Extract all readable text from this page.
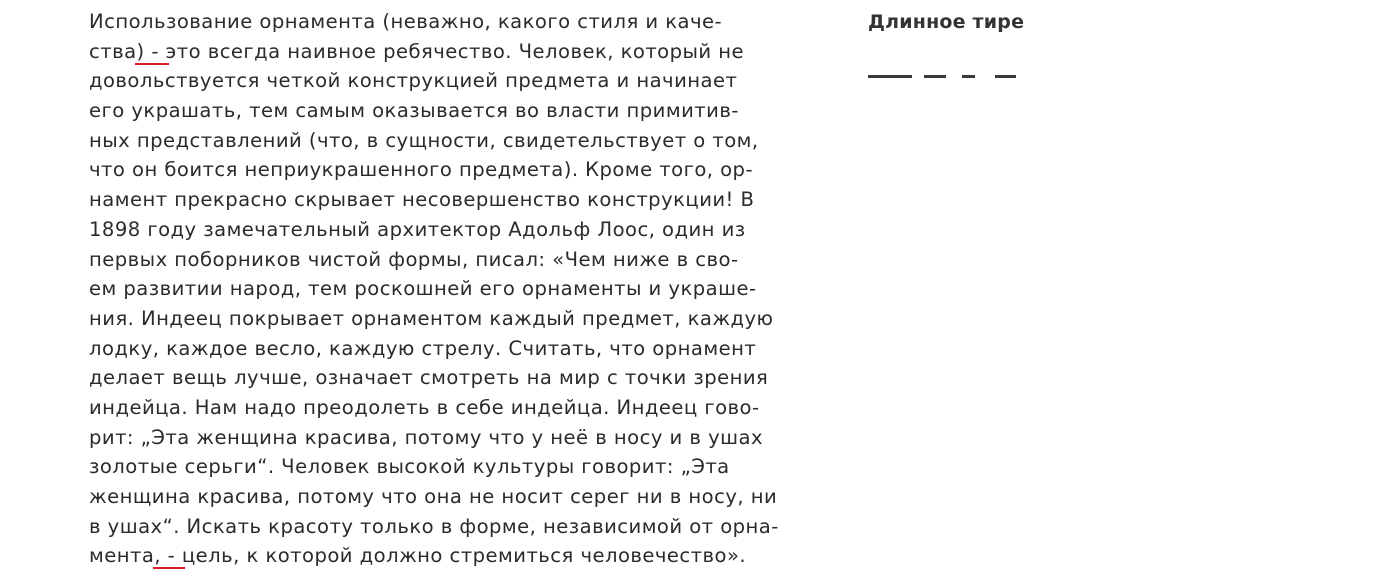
Использование орнамента (неважно, какого стиля и каче-
ства) - это всегда наивное ребячество. Человек, который не
довольствуется четкой конструкцией предмета и начинает
его украшать, тем самым оказывается во власти примитив-
ных представлений (что, в сущности, свидетельствует о том,
что он боится неприукрашенного предмета). Кроме того, ор-
намент прекрасно скрывает несовершенство конструкции! В
1898 году замечательный архитектор Адольф Лоос, один из
первых поборников чистой формы, писал: «Чем ниже в сво-
ем развитии народ, тем роскошней его орнаменты и украше-
ния. Индеец покрывает орнаментом каждый предмет, каждую
лодку, каждое весло, каждую стрелу. Считать, что орнамент
делает вещь лучше, означает смотреть на мир с точки зрения
индейца. Нам надо преодолеть в себе индейца. Индеец гово-
рит: „Эта женщина красива, потому что у неё в носу и в ушах
золотые серьги“. Человек высокой культуры говорит: „Эта
женщина красива, потому что она не носит серег ни в носу, ни
в ушах“. Искать красоту только в форме, независимой от орна-
мента, - цель, к которой должно стремиться человечество».
Длинное тире
